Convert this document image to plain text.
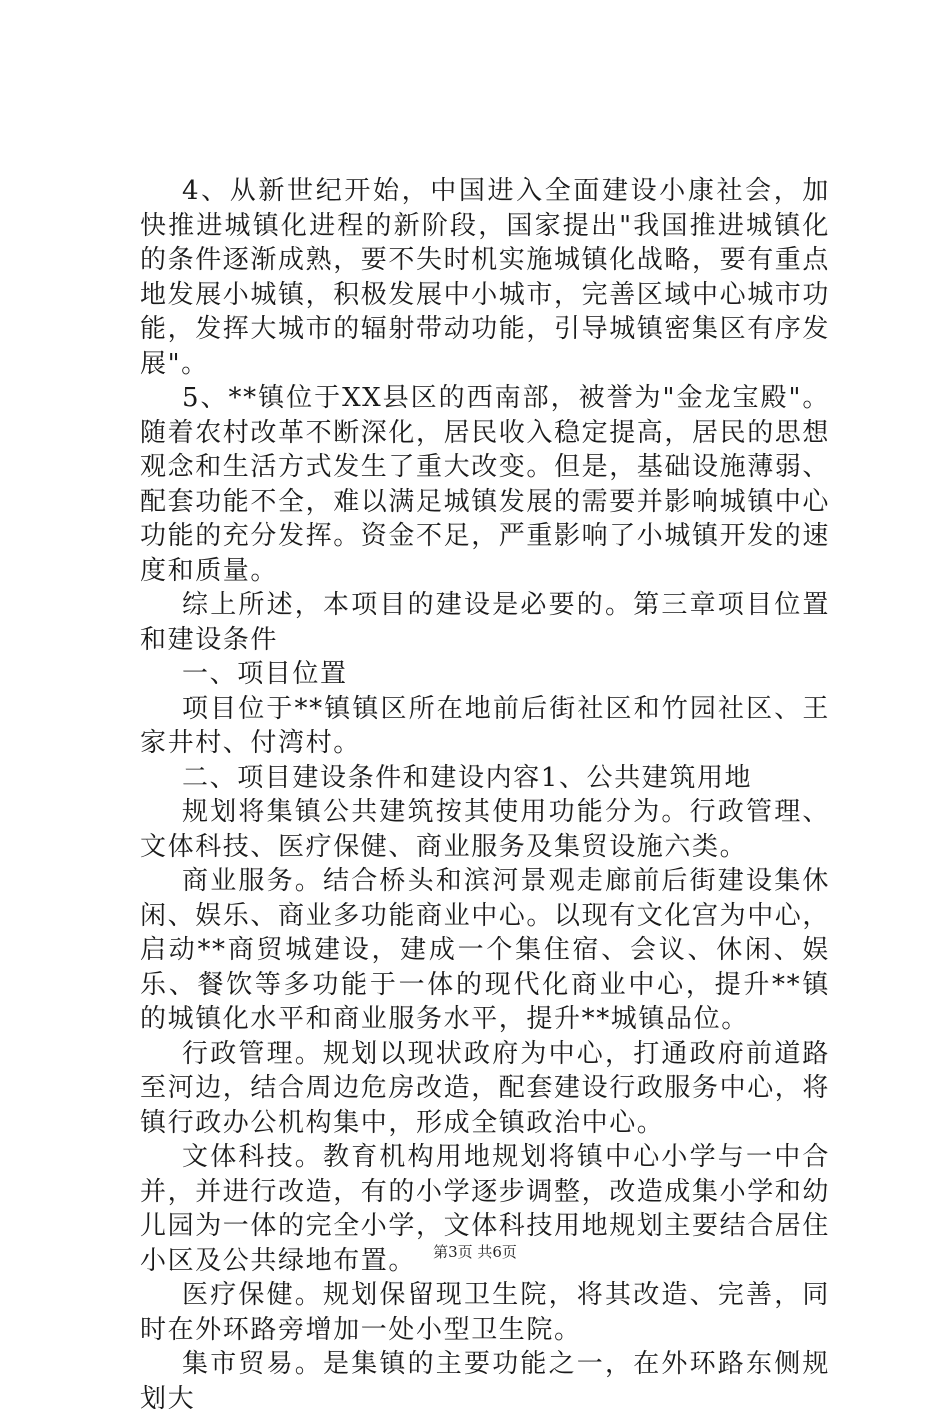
4、从新世纪开始，中国进入全面建设小康社会，加快推进城镇化进程的新阶段，国家提出"我国推进城镇化的条件逐渐成熟，要不失时机实施城镇化战略，要有重点地发展小城镇，积极发展中小城市，完善区域中心城市功能，发挥大城市的辐射带动功能，引导城镇密集区有序发展"。

5、**镇位于XX县区的西南部，被誉为"金龙宝殿"。随着农村改革不断深化，居民收入稳定提高，居民的思想观念和生活方式发生了重大改变。但是，基础设施薄弱、配套功能不全，难以满足城镇发展的需要并影响城镇中心功能的充分发挥。资金不足，严重影响了小城镇开发的速度和质量。

综上所述，本项目的建设是必要的。第三章项目位置和建设条件

一、项目位置

项目位于**镇镇区所在地前后街社区和竹园社区、王家井村、付湾村。

二、项目建设条件和建设内容1、公共建筑用地

规划将集镇公共建筑按其使用功能分为。行政管理、文体科技、医疗保健、商业服务及集贸设施六类。

商业服务。结合桥头和滨河景观走廊前后街建设集休闲、娱乐、商业多功能商业中心。以现有文化宫为中心，启动**商贸城建设，建成一个集住宿、会议、休闲、娱乐、餐饮等多功能于一体的现代化商业中心，提升**镇的城镇化水平和商业服务水平，提升**城镇品位。

行政管理。规划以现状政府为中心，打通政府前道路至河边，结合周边危房改造，配套建设行政服务中心，将镇行政办公机构集中，形成全镇政治中心。

文体科技。教育机构用地规划将镇中心小学与一中合并，并进行改造，有的小学逐步调整，改造成集小学和幼儿园为一体的完全小学，文体科技用地规划主要结合居住小区及公共绿地布置。

医疗保健。规划保留现卫生院，将其改造、完善，同时在外环路旁增加一处小型卫生院。

集市贸易。是集镇的主要功能之一，在外环路东侧规划大

第3页 共6页
